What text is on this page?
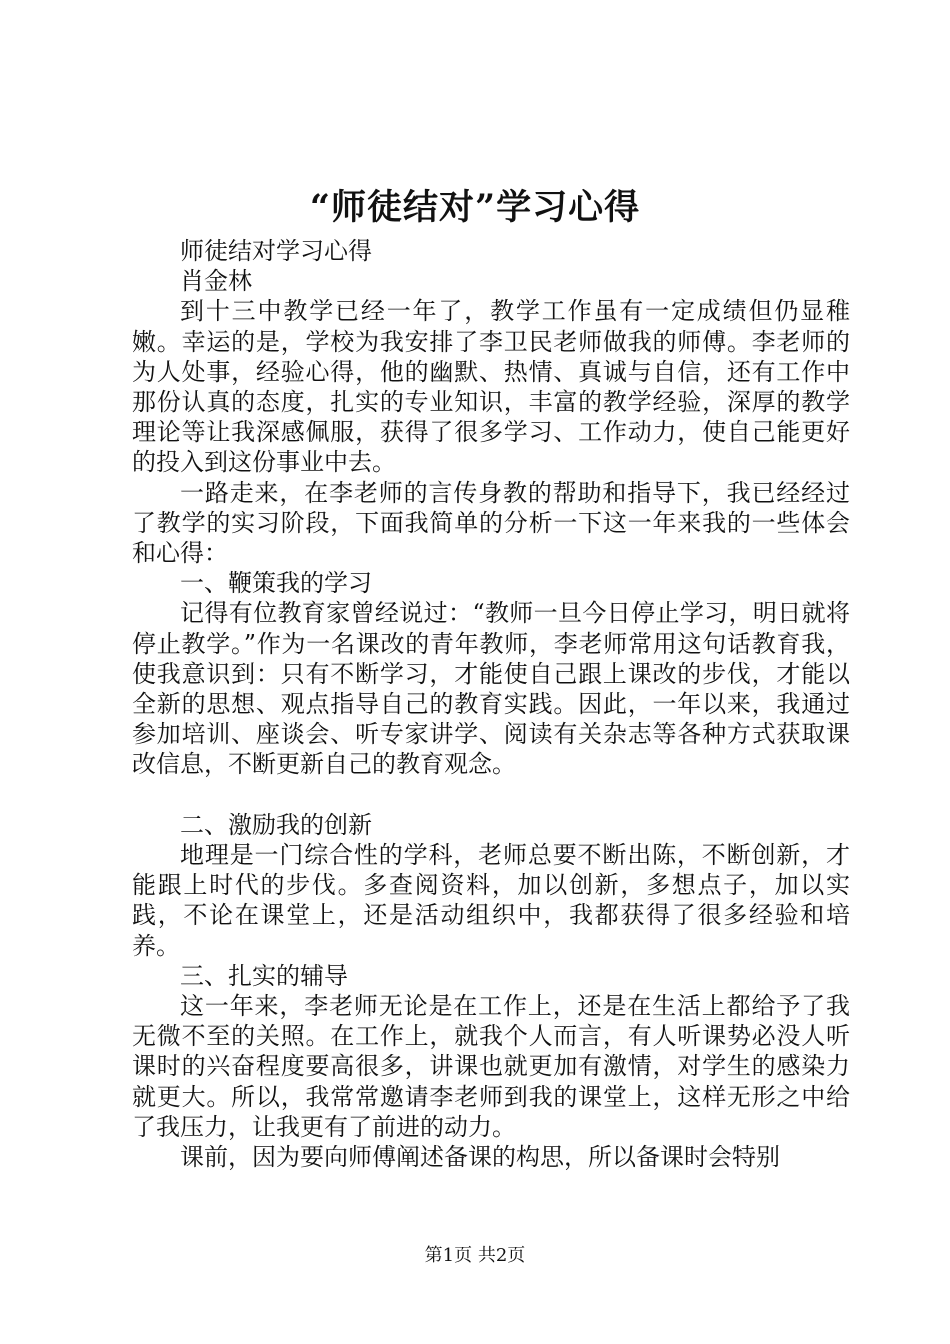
“师徒结对”学习心得

师徒结对学习心得

肖金林

到十三中教学已经一年了，教学工作虽有一定成绩但仍显稚嫩。幸运的是，学校为我安排了李卫民老师做我的师傅。李老师的为人处事，经验心得，他的幽默、热情、真诚与自信，还有工作中那份认真的态度，扎实的专业知识，丰富的教学经验，深厚的教学理论等让我深感佩服，获得了很多学习、工作动力，使自己能更好的投入到这份事业中去。

一路走来，在李老师的言传身教的帮助和指导下，我已经经过了教学的实习阶段，下面我简单的分析一下这一年来我的一些体会和心得：

一、鞭策我的学习

记得有位教育家曾经说过：“教师一旦今日停止学习，明日就将停止教学。”作为一名课改的青年教师，李老师常用这句话教育我，使我意识到：只有不断学习，才能使自己跟上课改的步伐，才能以全新的思想、观点指导自己的教育实践。因此，一年以来，我通过参加培训、座谈会、听专家讲学、阅读有关杂志等各种方式获取课改信息，不断更新自己的教育观念。

二、激励我的创新

地理是一门综合性的学科，老师总要不断出陈，不断创新，才能跟上时代的步伐。多查阅资料，加以创新，多想点子，加以实践，不论在课堂上，还是活动组织中，我都获得了很多经验和培养。

三、扎实的辅导

这一年来，李老师无论是在工作上，还是在生活上都给予了我无微不至的关照。在工作上，就我个人而言，有人听课势必没人听课时的兴奋程度要高很多，讲课也就更加有激情，对学生的感染力就更大。所以，我常常邀请李老师到我的课堂上，这样无形之中给了我压力，让我更有了前进的动力。

课前，因为要向师傅阐述备课的构思，所以备课时会特别

第1页 共2页
